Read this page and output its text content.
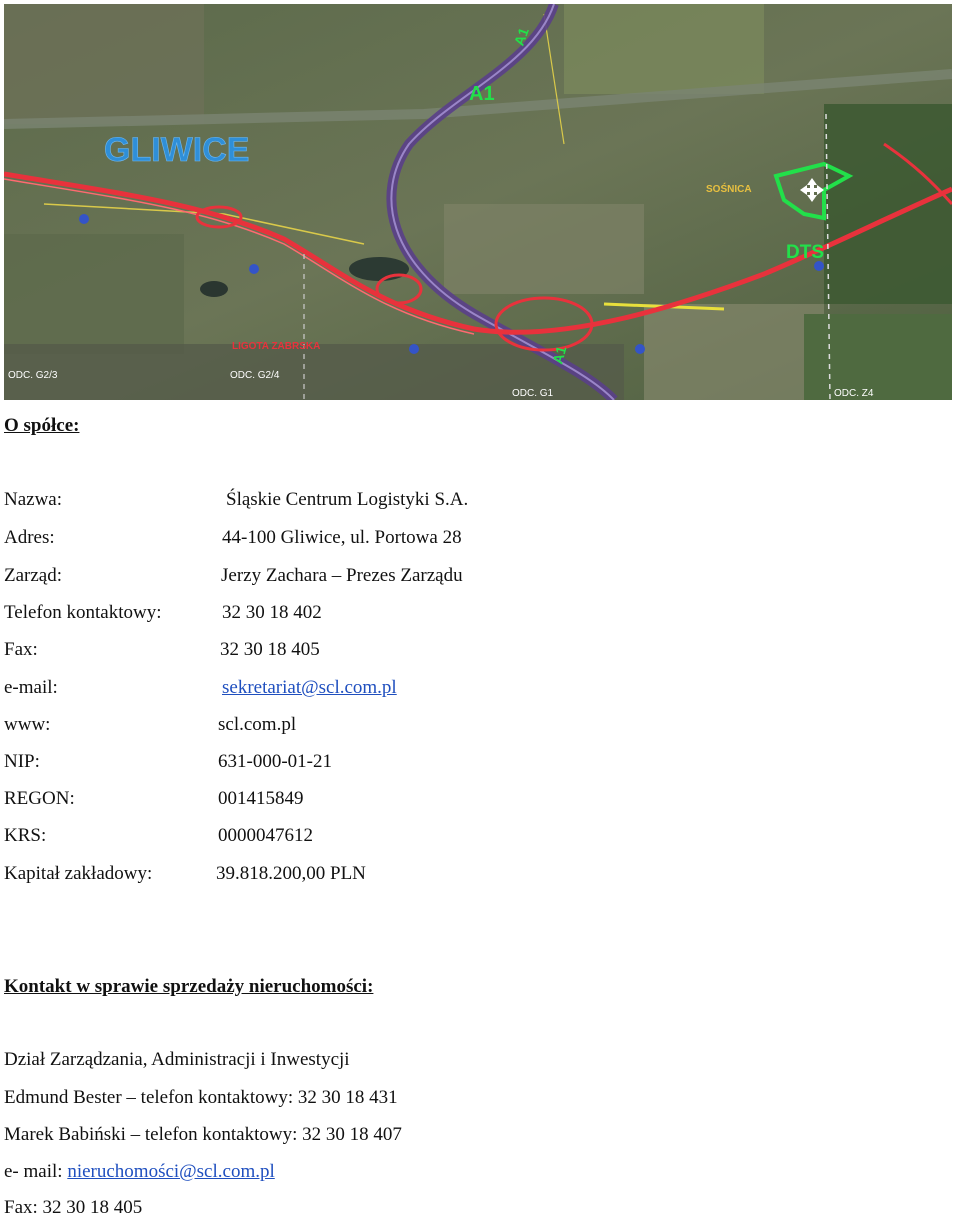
GLIWICE
A1
A1
A1
DTS
SOŚNICA
LIGOTA ZABRSKA
ODC. G2/3	ODC. G2/4
ODC. G1	ODC. Z4
O spółce:
Nazwa:	Śląskie Centrum Logistyki S.A.
Adres:	44-100 Gliwice, ul. Portowa 28
Zarząd:	Jerzy Zachara – Prezes Zarządu
Telefon kontaktowy:	32 30 18 402
Fax:	32 30 18 405
e-mail:	sekretariat@scl.com.pl
www:	scl.com.pl
NIP:	631-000-01-21
REGON:	001415849
KRS:	0000047612
Kapitał zakładowy:	39.818.200,00 PLN
Kontakt w sprawie sprzedaży nieruchomości:
Dział Zarządzania, Administracji i Inwestycji
Edmund Bester – telefon kontaktowy: 32 30 18 431
Marek Babiński – telefon kontaktowy: 32 30 18 407
e- mail: nieruchomości@scl.com.pl
Fax: 32 30 18 405
